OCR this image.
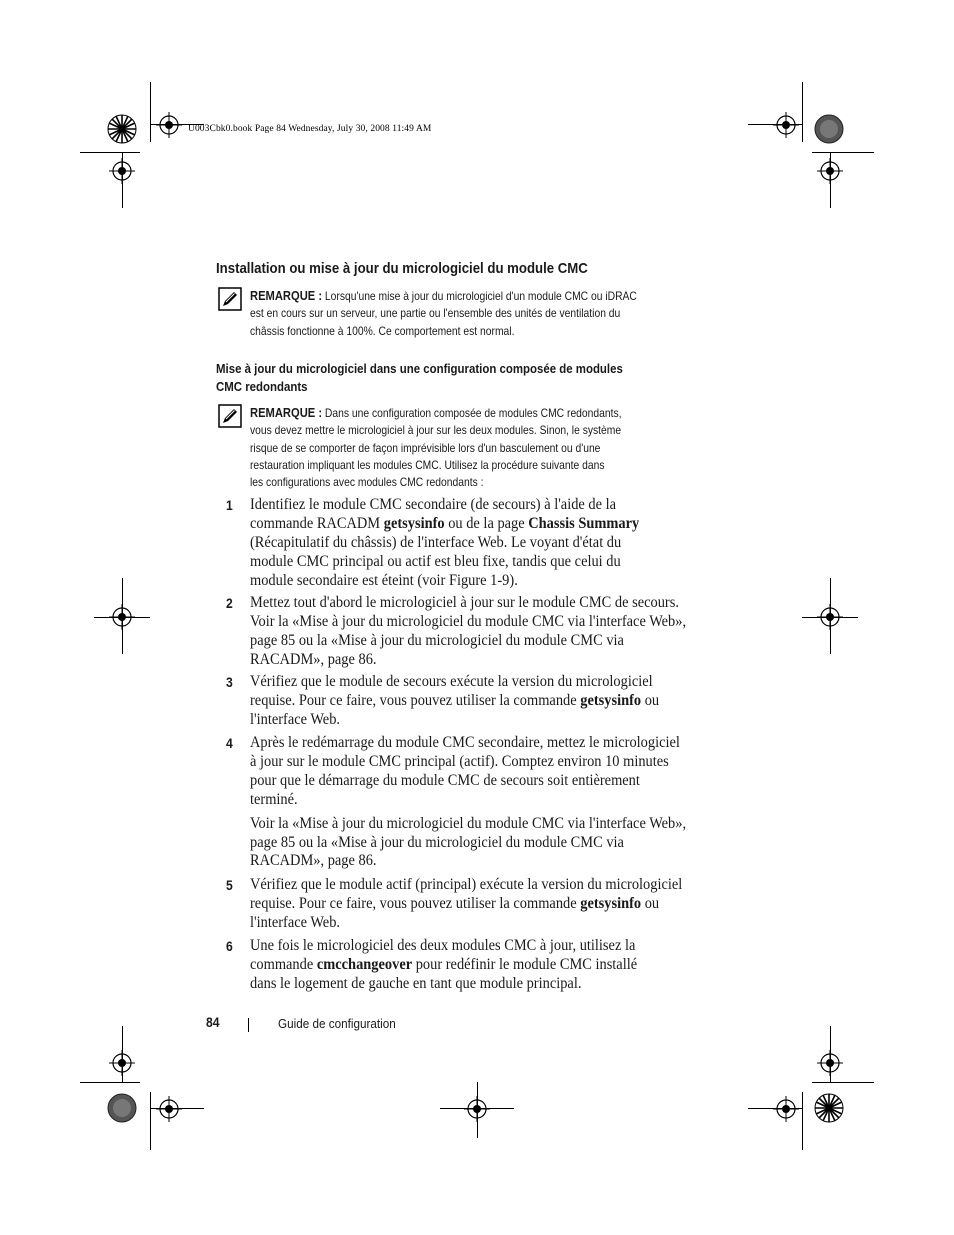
U003Cbk0.book Page 84 Wednesday, July 30, 2008 11:49 AM
Installation ou mise à jour du micrologiciel du module CMC
REMARQUE : Lorsqu'une mise à jour du micrologiciel d'un module CMC ou iDRAC
est en cours sur un serveur, une partie ou l'ensemble des unités de ventilation du
châssis fonctionne à 100%. Ce comportement est normal.
Mise à jour du micrologiciel dans une configuration composée de modules
CMC redondants
REMARQUE : Dans une configuration composée de modules CMC redondants,
vous devez mettre le micrologiciel à jour sur les deux modules. Sinon, le système
risque de se comporter de façon imprévisible lors d'un basculement ou d'une
restauration impliquant les modules CMC. Utilisez la procédure suivante dans
les configurations avec modules CMC redondants :
1 Identifiez le module CMC secondaire (de secours) à l'aide de la
commande RACADM getsysinfo ou de la page Chassis Summary
(Récapitulatif du châssis) de l'interface Web. Le voyant d'état du
module CMC principal ou actif est bleu fixe, tandis que celui du
module secondaire est éteint (voir Figure 1-9).
2 Mettez tout d'abord le micrologiciel à jour sur le module CMC de secours.
Voir la «Mise à jour du micrologiciel du module CMC via l'interface Web»,
page 85 ou la «Mise à jour du micrologiciel du module CMC via
RACADM», page 86.
3 Vérifiez que le module de secours exécute la version du micrologiciel
requise. Pour ce faire, vous pouvez utiliser la commande getsysinfo ou
l'interface Web.
4 Après le redémarrage du module CMC secondaire, mettez le micrologiciel
à jour sur le module CMC principal (actif). Comptez environ 10 minutes
pour que le démarrage du module CMC de secours soit entièrement
terminé.
Voir la «Mise à jour du micrologiciel du module CMC via l'interface Web»,
page 85 ou la «Mise à jour du micrologiciel du module CMC via
RACADM», page 86.
5 Vérifiez que le module actif (principal) exécute la version du micrologiciel
requise. Pour ce faire, vous pouvez utiliser la commande getsysinfo ou
l'interface Web.
6 Une fois le micrologiciel des deux modules CMC à jour, utilisez la
commande cmcchangeover pour redéfinir le module CMC installé
dans le logement de gauche en tant que module principal.
84	Guide de configuration
